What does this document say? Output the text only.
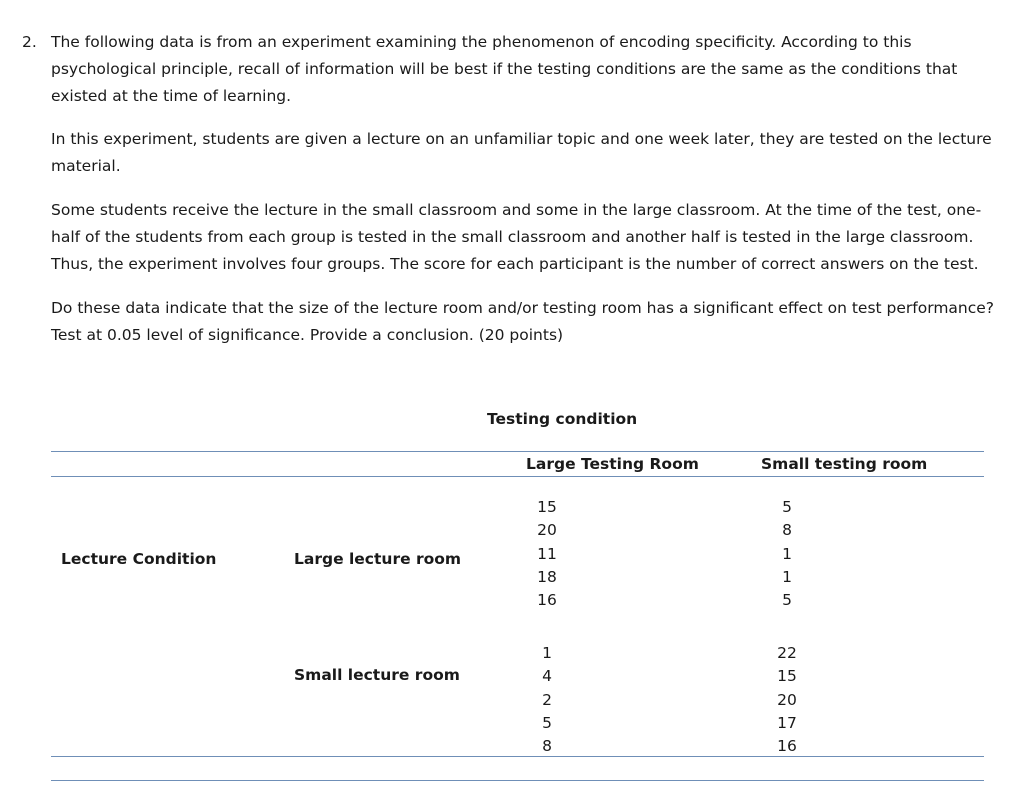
2. The following data is from an experiment examining the phenomenon of encoding specificity. According to this psychological principle, recall of information will be best if the testing conditions are the same as the conditions that existed at the time of learning.

In this experiment, students are given a lecture on an unfamiliar topic and one week later, they are tested on the lecture material.

Some students receive the lecture in the small classroom and some in the large classroom. At the time of the test, one-half of the students from each group is tested in the small classroom and another half is tested in the large classroom. Thus, the experiment involves four groups. The score for each participant is the number of correct answers on the test.

Do these data indicate that the size of the lecture room and/or testing room has a significant effect on test performance? Test at 0.05 level of significance. Provide a conclusion. (20 points)

Testing condition
Large Testing Room	Small testing room
Lecture Condition	Large lecture room
Small lecture room
15
20
11
18
16
5
8
1
1
5
1
4
2
5
8
22
15
20
17
16
